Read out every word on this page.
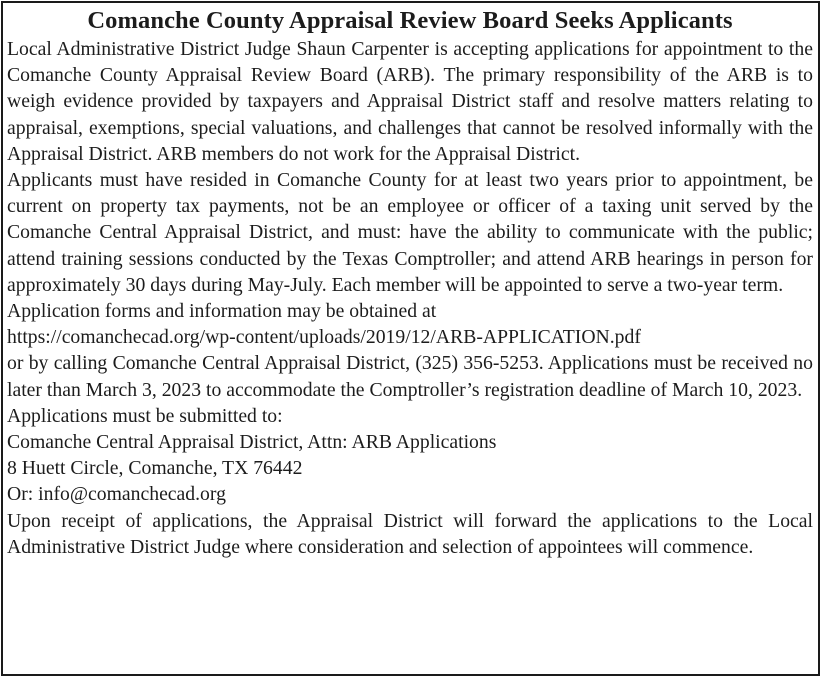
Comanche County Appraisal Review Board Seeks Applicants

Local Administrative District Judge Shaun Carpenter is accepting applications for appointment to the Comanche County Appraisal Review Board (ARB). The primary responsibility of the ARB is to weigh evidence provided by taxpayers and Appraisal District staff and resolve matters relating to appraisal, exemptions, special valuations, and challenges that cannot be resolved informally with the Appraisal District. ARB members do not work for the Appraisal District.

Applicants must have resided in Comanche County for at least two years prior to appointment, be current on property tax payments, not be an employee or officer of a taxing unit served by the Comanche Central Appraisal District, and must: have the ability to communicate with the public; attend training sessions conducted by the Texas Comptroller; and attend ARB hearings in person for approximately 30 days during May-July. Each member will be appointed to serve a two-year term.

Application forms and information may be obtained at
https://comanchecad.org/wp-content/uploads/2019/12/ARB-APPLICATION.pdf

or by calling Comanche Central Appraisal District, (325) 356-5253. Applications must be received no later than March 3, 2023 to accommodate the Comptroller’s registration deadline of March 10, 2023.

Applications must be submitted to:
Comanche Central Appraisal District, Attn: ARB Applications
8 Huett Circle, Comanche, TX 76442
Or: info@comanchecad.org

Upon receipt of applications, the Appraisal District will forward the applications to the Local Administrative District Judge where consideration and selection of appointees will commence.
